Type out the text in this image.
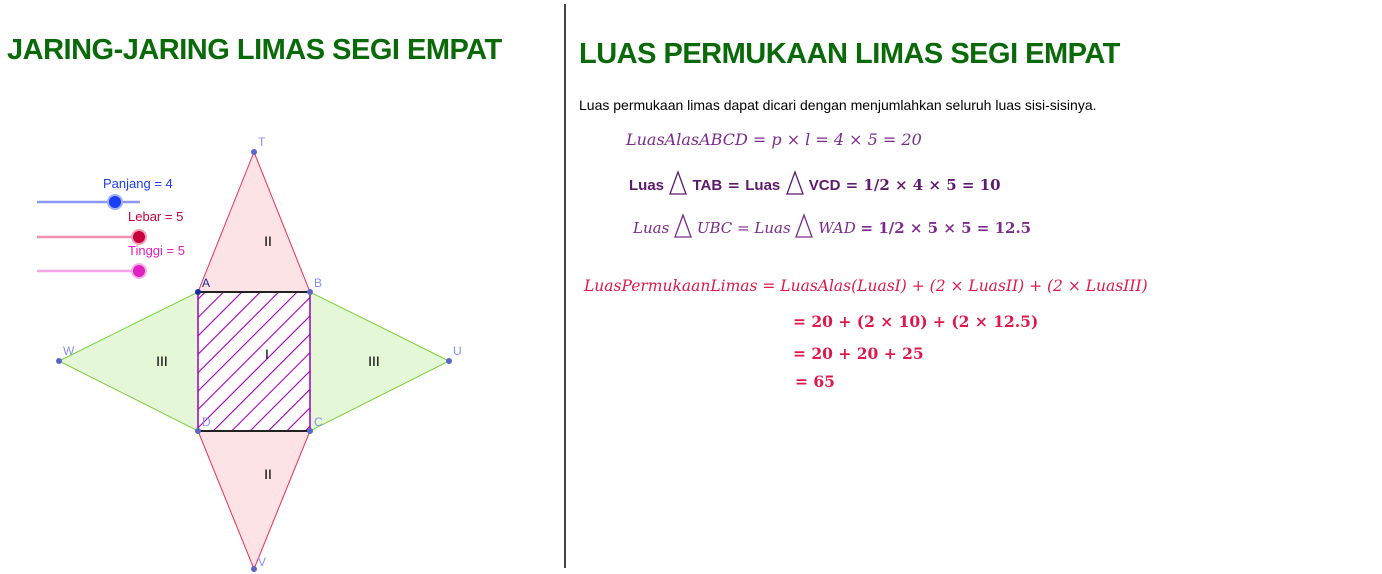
JARING-JARING LIMAS SEGI EMPAT
II
II
III	III
I
T
A	B
C
D
U
V
W
Panjang = 4
Lebar = 5
Tinggi = 5
LUAS PERMUKAAN LIMAS SEGI EMPAT
Luas permukaan limas dapat dicari dengan menjumlahkan seluruh luas sisi-sisinya.
LuasAlasABCD = p × l = 4 × 5 = 20
Luas TAB = Luas VCD = 1/2 × 4 × 5 = 10
Luas UBC = Luas WAD = 1/2 × 5 × 5 = 12.5
LuasPermukaanLimas = LuasAlas(LuasI) + (2 × LuasII) + (2 × LuasIII)
= 20 + (2 × 10) + (2 × 12.5)
= 20 + 20 + 25
= 65
